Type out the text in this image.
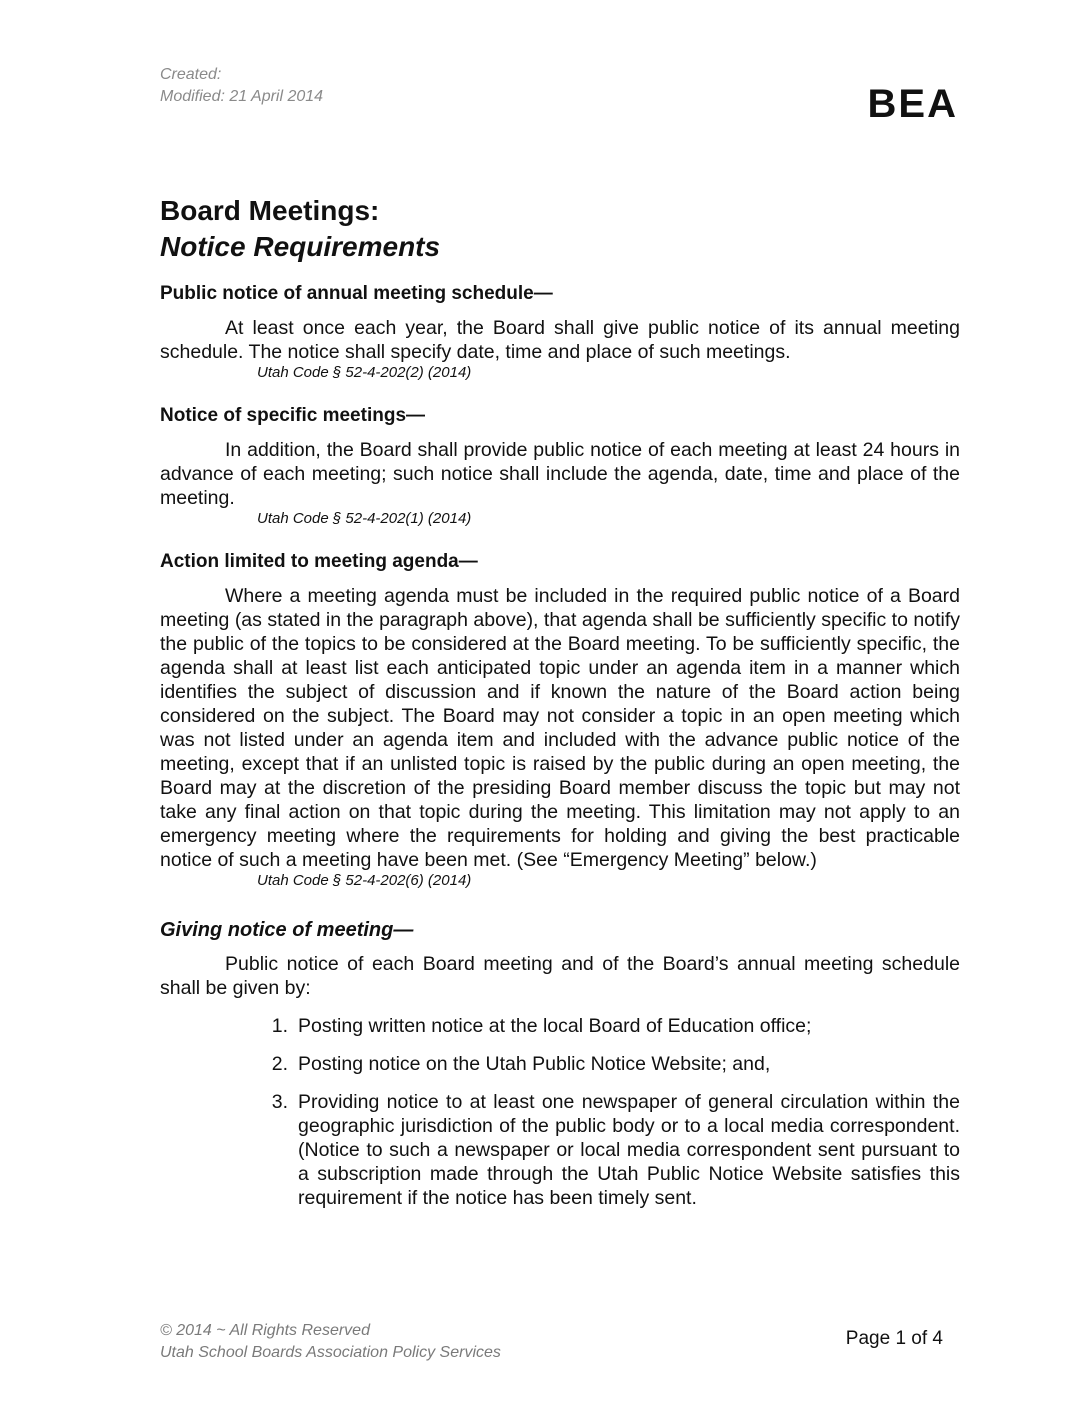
Created:
Modified: 21 April 2014	BEA
Board Meetings:
Notice Requirements
Public notice of annual meeting schedule—

At least once each year, the Board shall give public notice of its annual meeting schedule. The notice shall specify date, time and place of such meetings.

Utah Code § 52-4-202(2) (2014)
Notice of specific meetings—

In addition, the Board shall provide public notice of each meeting at least 24 hours in advance of each meeting; such notice shall include the agenda, date, time and place of the meeting.

Utah Code § 52-4-202(1) (2014)
Action limited to meeting agenda—

Where a meeting agenda must be included in the required public notice of a Board meeting (as stated in the paragraph above), that agenda shall be sufficiently specific to notify the public of the topics to be considered at the Board meeting. To be sufficiently specific, the agenda shall at least list each anticipated topic under an agenda item in a manner which identifies the subject of discussion and if known the nature of the Board action being considered on the subject. The Board may not consider a topic in an open meeting which was not listed under an agenda item and included with the advance public notice of the meeting, except that if an unlisted topic is raised by the public during an open meeting, the Board may at the discretion of the presiding Board member discuss the topic but may not take any final action on that topic during the meeting. This limitation may not apply to an emergency meeting where the requirements for holding and giving the best practicable notice of such a meeting have been met. (See “Emergency Meeting” below.)

Utah Code § 52-4-202(6) (2014)
Giving notice of meeting—

Public notice of each Board meeting and of the Board’s annual meeting schedule shall be given by:

1. Posting written notice at the local Board of Education office;
2. Posting notice on the Utah Public Notice Website; and,
3. Providing notice to at least one newspaper of general circulation within the geographic jurisdiction of the public body or to a local media correspondent. (Notice to such a newspaper or local media correspondent sent pursuant to a subscription made through the Utah Public Notice Website satisfies this requirement if the notice has been timely sent.
© 2014 ~ All Rights Reserved
Utah School Boards Association Policy Services
Page 1 of 4
